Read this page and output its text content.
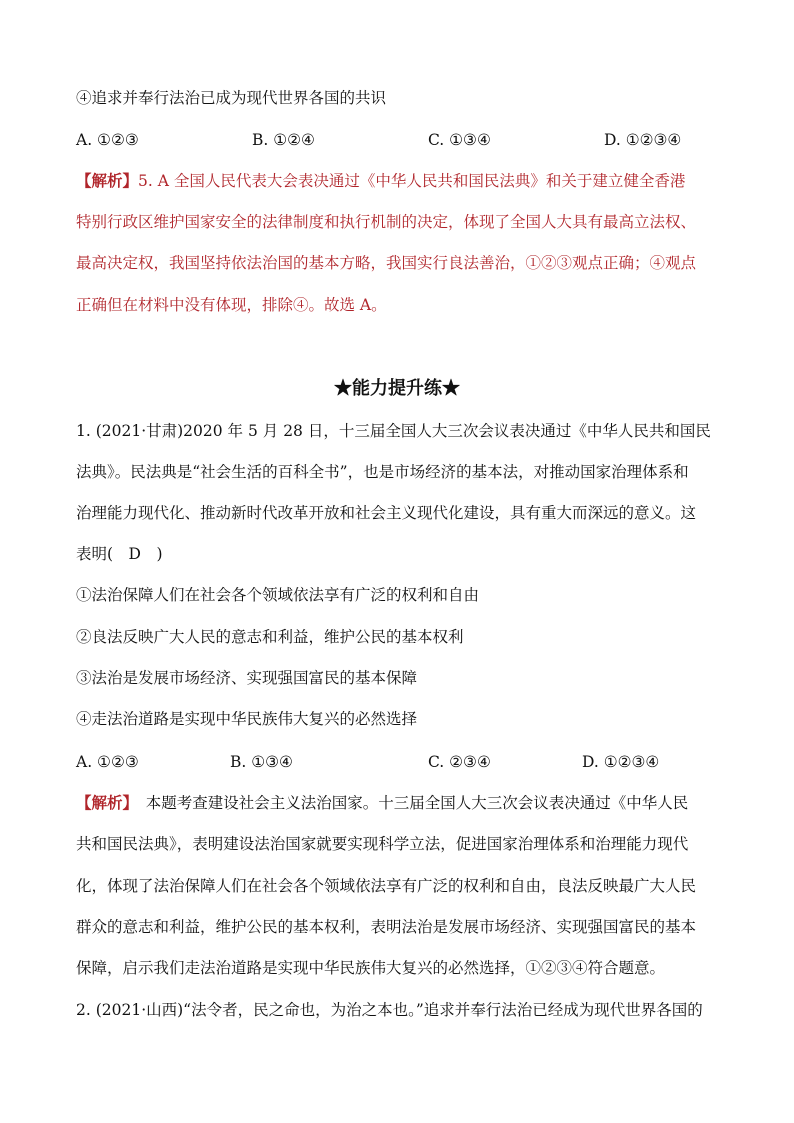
④追求并奉行法治已成为现代世界各国的共识
A. ①②③	B. ①②④	C. ①③④	D. ①②③④
【解析】5. A 全国人民代表大会表决通过《中华人民共和国民法典》和关于建立健全香港
特别行政区维护国家安全的法律制度和执行机制的决定，体现了全国人大具有最高立法权、
最高决定权，我国坚持依法治国的基本方略，我国实行良法善治，①②③观点正确；④观点
正确但在材料中没有体现，排除④。故选 A。
★能力提升练★
1. (2021·甘肃)2020 年 5 月 28 日，十三届全国人大三次会议表决通过《中华人民共和国民
法典》。民法典是“社会生活的百科全书”，也是市场经济的基本法，对推动国家治理体系和
治理能力现代化、推动新时代改革开放和社会主义现代化建设，具有重大而深远的意义。这
表明(　D　)
①法治保障人们在社会各个领域依法享有广泛的权利和自由
②良法反映广大人民的意志和利益，维护公民的基本权利
③法治是发展市场经济、实现强国富民的基本保障
④走法治道路是实现中华民族伟大复兴的必然选择
A. ①②③	B. ①③④	C. ②③④	D. ①②③④
【解析】　本题考查建设社会主义法治国家。十三届全国人大三次会议表决通过《中华人民
共和国民法典》，表明建设法治国家就要实现科学立法，促进国家治理体系和治理能力现代
化，体现了法治保障人们在社会各个领域依法享有广泛的权利和自由，良法反映最广大人民
群众的意志和利益，维护公民的基本权利，表明法治是发展市场经济、实现强国富民的基本
保障，启示我们走法治道路是实现中华民族伟大复兴的必然选择，①②③④符合题意。
2. (2021·山西)“法令者，民之命也，为治之本也。”追求并奉行法治已经成为现代世界各国的
